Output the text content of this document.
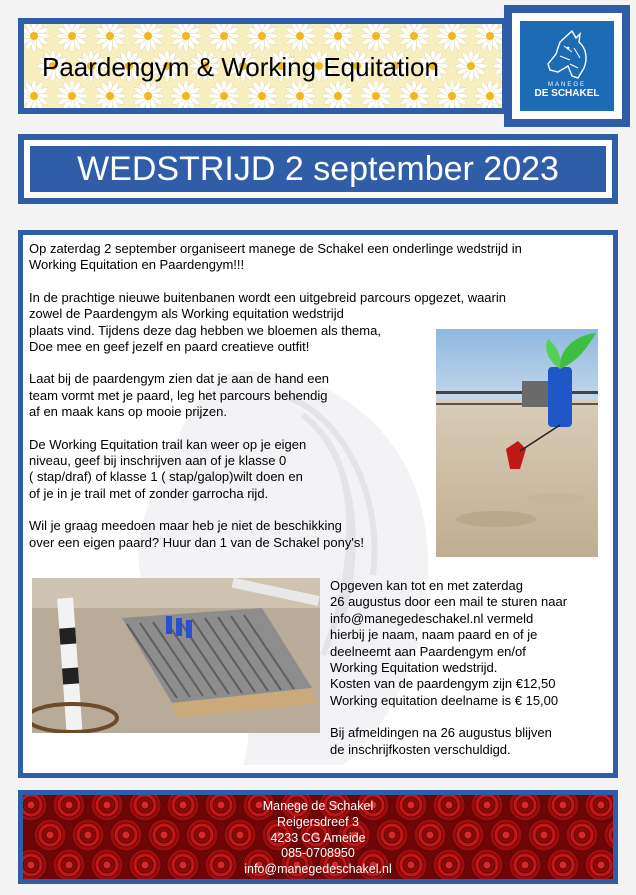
Paardengym & Working Equitation
MANEGE
DE SCHAKEL
WEDSTRIJD 2 september 2023

Op zaterdag 2 september organiseert manege de Schakel een onderlinge wedstrijd in
Working Equitation en Paardengym!!!

In de prachtige nieuwe buitenbanen wordt een uitgebreid parcours opgezet, waarin
zowel de Paardengym als Working equitation wedstrijd
plaats vind. Tijdens deze dag hebben we bloemen als thema,
Doe mee en geef jezelf en paard creatieve outfit!

Laat bij de paardengym zien dat je aan de hand een
team vormt met je paard, leg het parcours behendig
af en maak kans op mooie prijzen.

De Working Equitation trail kan weer op je eigen
niveau, geef bij inschrijven aan of je klasse 0
( stap/draf) of klasse 1 ( stap/galop)wilt doen en
of je in je trail met of zonder garrocha rijd.

Wil je graag meedoen maar heb je niet de beschikking
over een eigen paard? Huur dan 1 van de Schakel pony's!

Opgeven kan tot en met zaterdag
26 augustus door een mail te sturen naar
info@manegedeschakel.nl vermeld
hierbij je naam, naam paard en of je
deelneemt aan Paardengym en/of
Working Equitation wedstrijd.
Kosten van de paardengym zijn €12,50
Working equitation deelname is € 15,00

Bij afmeldingen na 26 augustus blijven
de inschrijfkosten verschuldigd.

Manege de Schakel
Reigersdreef 3
4233 CG Ameide
085-0708950
info@manegedeschakel.nl
